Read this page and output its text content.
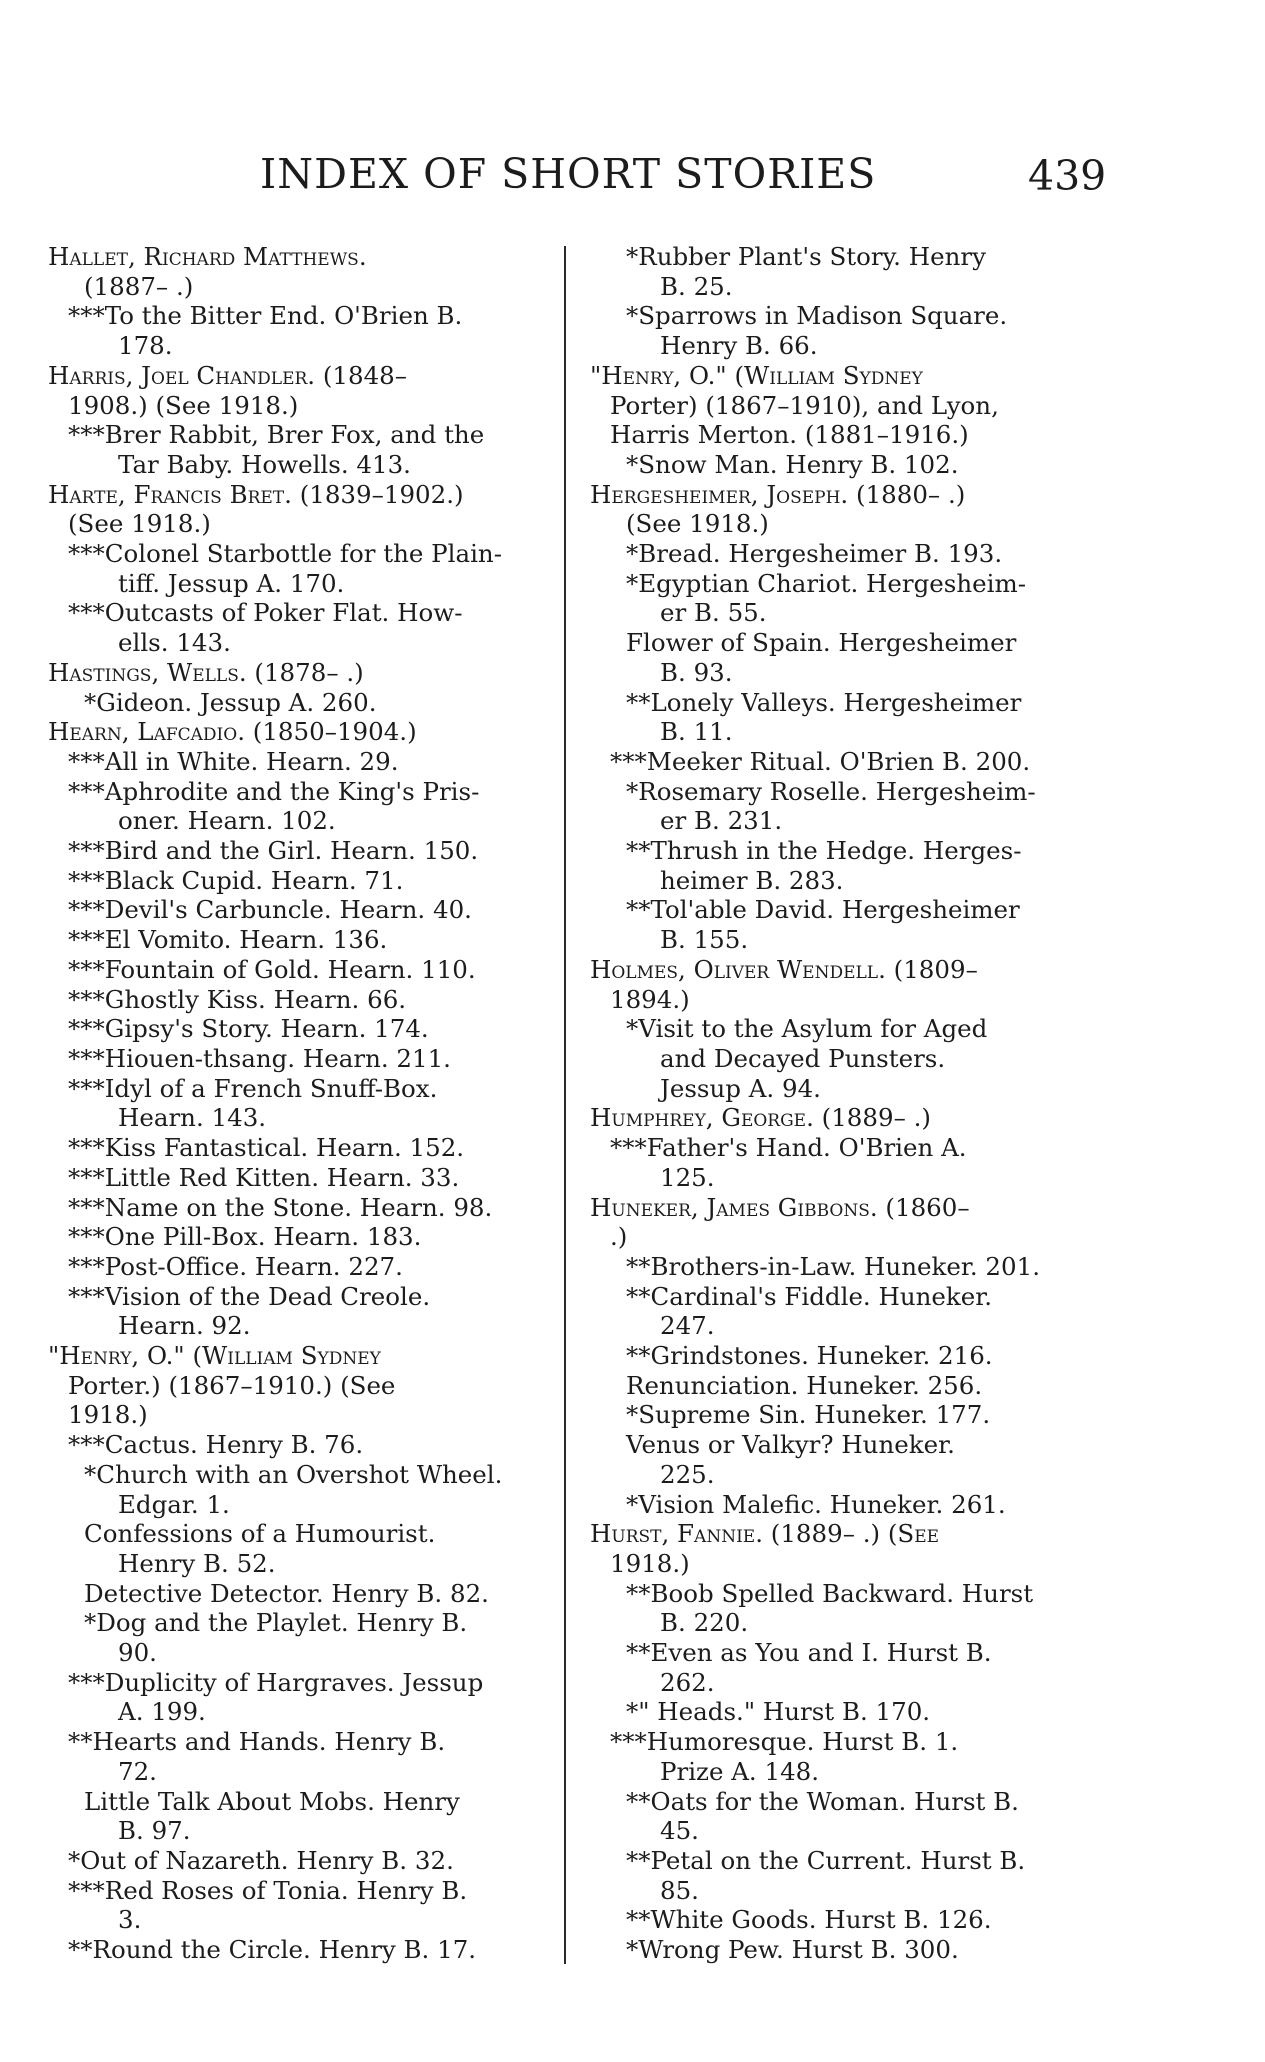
INDEX OF SHORT STORIES	439
Hallet, Richard Matthews.
(1887– .)
***To the Bitter End. O'Brien B.
178.
Harris, Joel Chandler. (1848–
1908.) (See 1918.)
***Brer Rabbit, Brer Fox, and the
Tar Baby. Howells. 413.
Harte, Francis Bret. (1839–1902.)
(See 1918.)
***Colonel Starbottle for the Plain-
tiff. Jessup A. 170.
***Outcasts of Poker Flat. How-
ells. 143.
Hastings, Wells. (1878– .)
*Gideon. Jessup A. 260.
Hearn, Lafcadio. (1850–1904.)
***All in White. Hearn. 29.
***Aphrodite and the King's Pris-
oner. Hearn. 102.
***Bird and the Girl. Hearn. 150.
***Black Cupid. Hearn. 71.
***Devil's Carbuncle. Hearn. 40.
***El Vomito. Hearn. 136.
***Fountain of Gold. Hearn. 110.
***Ghostly Kiss. Hearn. 66.
***Gipsy's Story. Hearn. 174.
***Hiouen-thsang. Hearn. 211.
***Idyl of a French Snuff-Box.
Hearn. 143.
***Kiss Fantastical. Hearn. 152.
***Little Red Kitten. Hearn. 33.
***Name on the Stone. Hearn. 98.
***One Pill-Box. Hearn. 183.
***Post-Office. Hearn. 227.
***Vision of the Dead Creole.
Hearn. 92.
"Henry, O." (William Sydney
Porter.) (1867–1910.) (See
1918.)
***Cactus. Henry B. 76.
*Church with an Overshot Wheel.
Edgar. 1.
Confessions of a Humourist.
Henry B. 52.
Detective Detector. Henry B. 82.
*Dog and the Playlet. Henry B.
90.
***Duplicity of Hargraves. Jessup
A. 199.
**Hearts and Hands. Henry B.
72.
Little Talk About Mobs. Henry
B. 97.
*Out of Nazareth. Henry B. 32.
***Red Roses of Tonia. Henry B.
3.
**Round the Circle. Henry B. 17.
*Rubber Plant's Story. Henry
B. 25.
*Sparrows in Madison Square.
Henry B. 66.
"Henry, O." (William Sydney
Porter) (1867–1910), and Lyon,
Harris Merton. (1881–1916.)
*Snow Man. Henry B. 102.
Hergesheimer, Joseph. (1880– .)
(See 1918.)
*Bread. Hergesheimer B. 193.
*Egyptian Chariot. Hergesheim-
er B. 55.
Flower of Spain. Hergesheimer
B. 93.
**Lonely Valleys. Hergesheimer
B. 11.
***Meeker Ritual. O'Brien B. 200.
*Rosemary Roselle. Hergesheim-
er B. 231.
**Thrush in the Hedge. Herges-
heimer B. 283.
**Tol'able David. Hergesheimer
B. 155.
Holmes, Oliver Wendell. (1809–
1894.)
*Visit to the Asylum for Aged
and Decayed Punsters.
Jessup A. 94.
Humphrey, George. (1889– .)
***Father's Hand. O'Brien A.
125.
Huneker, James Gibbons. (1860–
.)
**Brothers-in-Law. Huneker. 201.
**Cardinal's Fiddle. Huneker.
247.
**Grindstones. Huneker. 216.
Renunciation. Huneker. 256.
*Supreme Sin. Huneker. 177.
Venus or Valkyr? Huneker.
225.
*Vision Malefic. Huneker. 261.
Hurst, Fannie. (1889– .) (See
1918.)
**Boob Spelled Backward. Hurst
B. 220.
**Even as You and I. Hurst B.
262.
*" Heads." Hurst B. 170.
***Humoresque. Hurst B. 1.
Prize A. 148.
**Oats for the Woman. Hurst B.
45.
**Petal on the Current. Hurst B.
85.
**White Goods. Hurst B. 126.
*Wrong Pew. Hurst B. 300.
